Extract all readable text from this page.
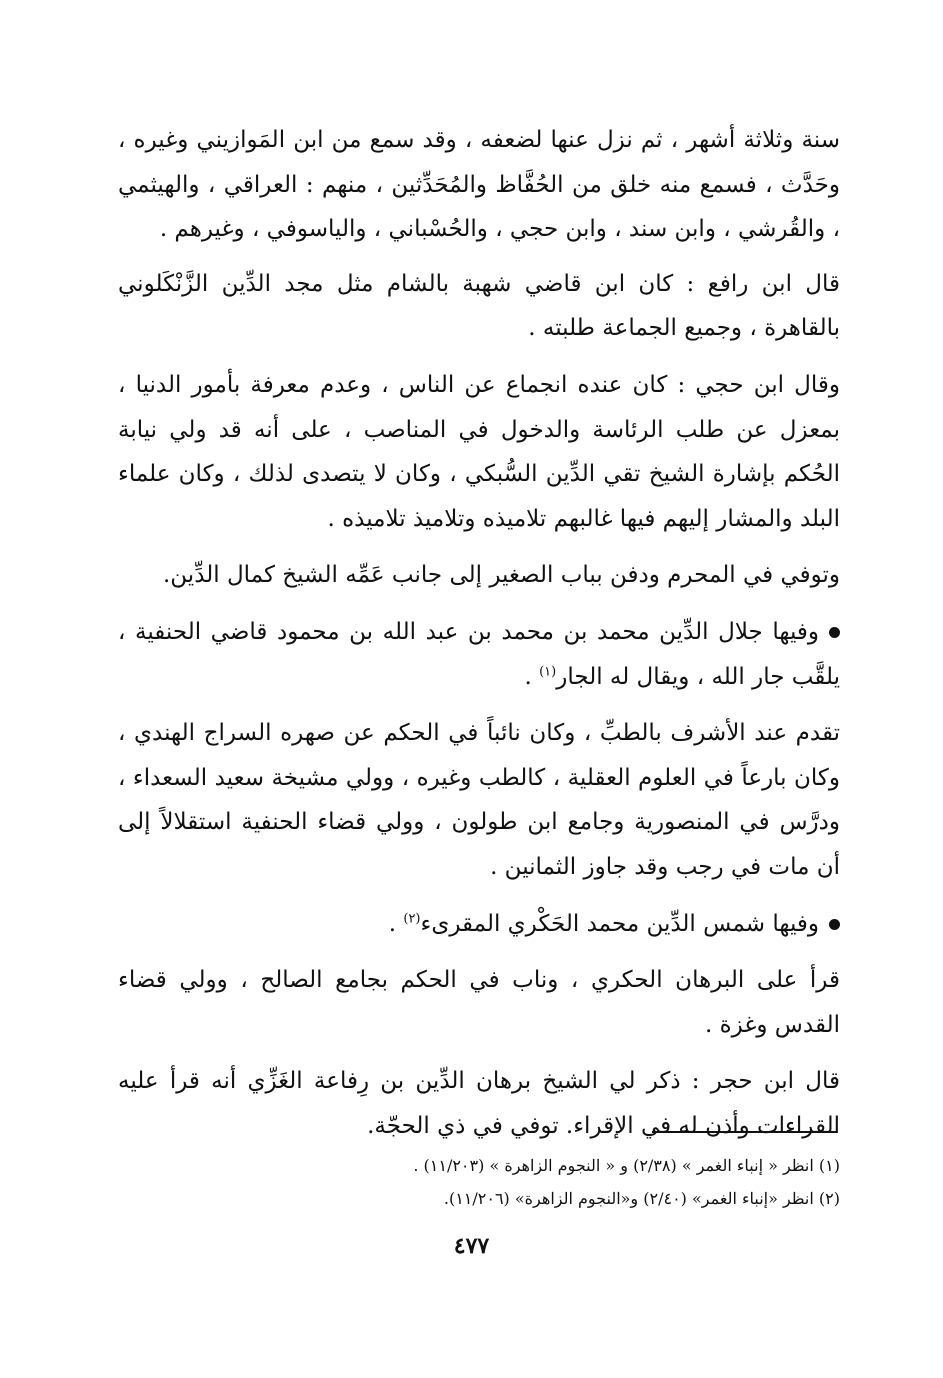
سنة وثلاثة أشهر ، ثم نزل عنها لضعفه ، وقد سمع من ابن المَوازيني وغيره ، وحَدَّث ، فسمع منه خلق من الحُفَّاظ والمُحَدِّثين ، منهم : العراقي ، والهيثمي ، والقُرشي ، وابن سند ، وابن حجي ، والحُسْباني ، والياسوفي ، وغيرهم .

قال ابن رافع : كان ابن قاضي شهبة بالشام مثل مجد الدِّين الزَّنْكَلوني بالقاهرة ، وجميع الجماعة طلبته .

وقال ابن حجي : كان عنده انجماع عن الناس ، وعدم معرفة بأمور الدنيا ، بمعزل عن طلب الرئاسة والدخول في المناصب ، على أنه قد ولي نيابة الحُكم بإشارة الشيخ تقي الدِّين السُّبكي ، وكان لا يتصدى لذلك ، وكان علماء البلد والمشار إليهم فيها غالبهم تلاميذه وتلاميذ تلاميذه .

وتوفي في المحرم ودفن بباب الصغير إلى جانب عَمِّه الشيخ كمال الدِّين.

وفيها جلال الدِّين محمد بن محمد بن عبد الله بن محمود قاضي الحنفية ، يلقَّب جار الله ، ويقال له الجار$^{(١)}$ .

تقدم عند الأشرف بالطبِّ ، وكان نائباً في الحكم عن صهره السراج الهندي ، وكان بارعاً في العلوم العقلية ، كالطب وغيره ، وولي مشيخة سعيد السعداء ، ودرَّس في المنصورية وجامع ابن طولون ، وولي قضاء الحنفية استقلالاً إلى أن مات في رجب وقد جاوز الثمانين .

وفيها شمس الدِّين محمد الحَكْري المقرىء$^{(٢)}$ .

قرأ على البرهان الحكري ، وناب في الحكم بجامع الصالح ، وولي قضاء القدس وغزة .

قال ابن حجر : ذكر لي الشيخ برهان الدِّين بن رِفاعة الغَزِّي أنه قرأ عليه القراءات وأذن له في الإقراء. توفي في ذي الحجّة.

(١) انظر « إنباء الغمر » (٢/٣٨) و « النجوم الزاهرة » (١١/٢٠٣) .

(٢) انظر «إنباء الغمر» (٢/٤٠) و«النجوم الزاهرة» (١١/٢٠٦).

٤٧٧
